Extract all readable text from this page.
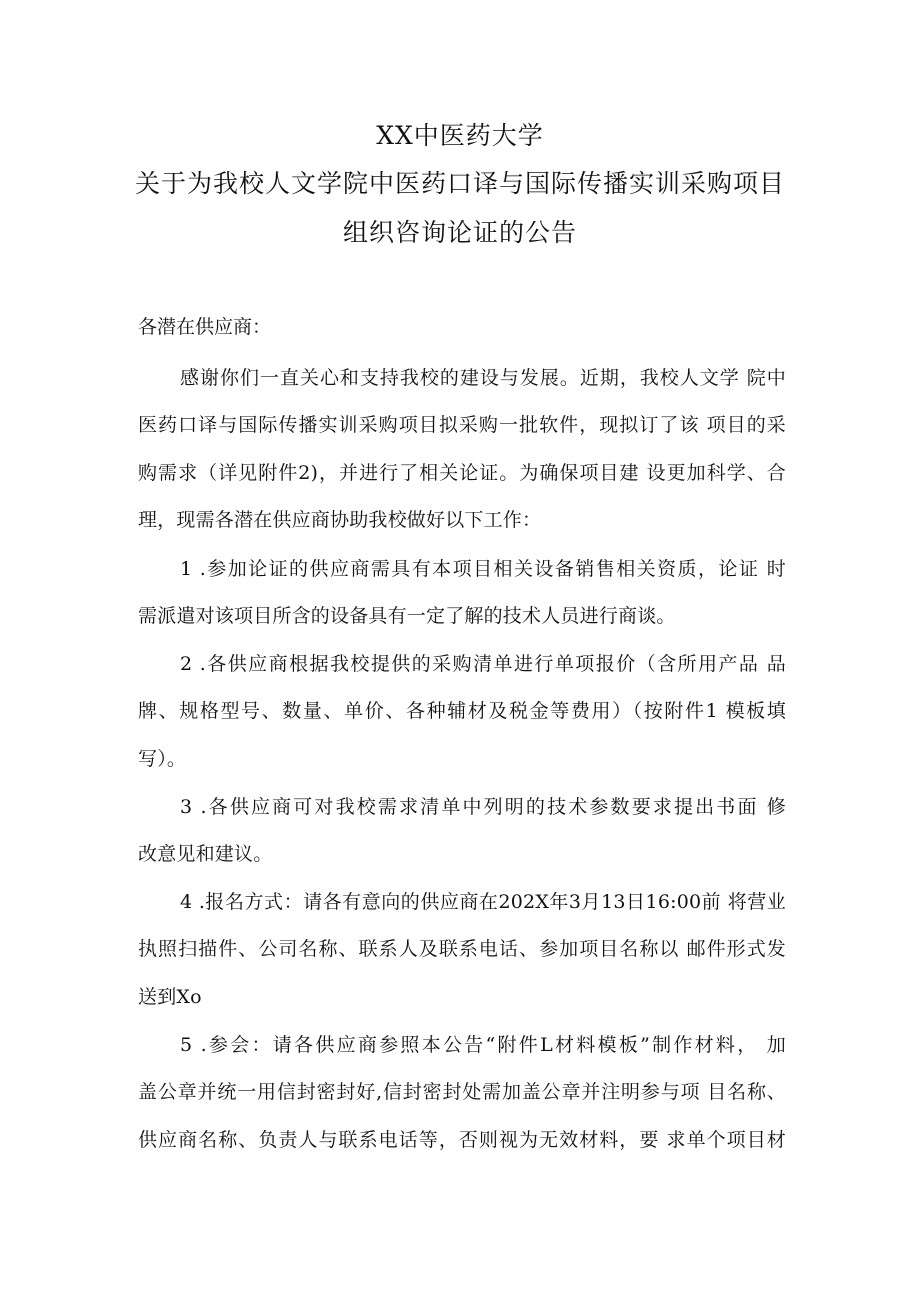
XX中医药大学
关于为我校人文学院中医药口译与国际传播实训采购项目
组织咨询论证的公告
各潜在供应商：
感谢你们一直关心和支持我校的建设与发展。近期，我校人文学 院中
医药口译与国际传播实训采购项目拟采购一批软件，现拟订了该 项目的采
购需求（详见附件2)，并进行了相关论证。为确保项目建 设更加科学、合
理，现需各潜在供应商协助我校做好以下工作：
1 .参加论证的供应商需具有本项目相关设备销售相关资质，论证 时
需派遣对该项目所含的设备具有一定了解的技术人员进行商谈。
2 .各供应商根据我校提供的采购清单进行单项报价（含所用产品 品
牌、规格型号、数量、单价、各种辅材及税金等费用）（按附件1 模板填
写）。
3 .各供应商可对我校需求清单中列明的技术参数要求提出书面 修
改意见和建议。
4 .报名方式：请各有意向的供应商在202X年3月13日16:00前 将营业
执照扫描件、公司名称、联系人及联系电话、参加项目名称以 邮件形式发
送到Xo
5 .参会：请各供应商参照本公告“附件L材料模板”制作材料， 加
盖公章并统一用信封密封好,信封密封处需加盖公章并注明参与项 目名称、
供应商名称、负责人与联系电话等，否则视为无效材料，要 求单个项目材
